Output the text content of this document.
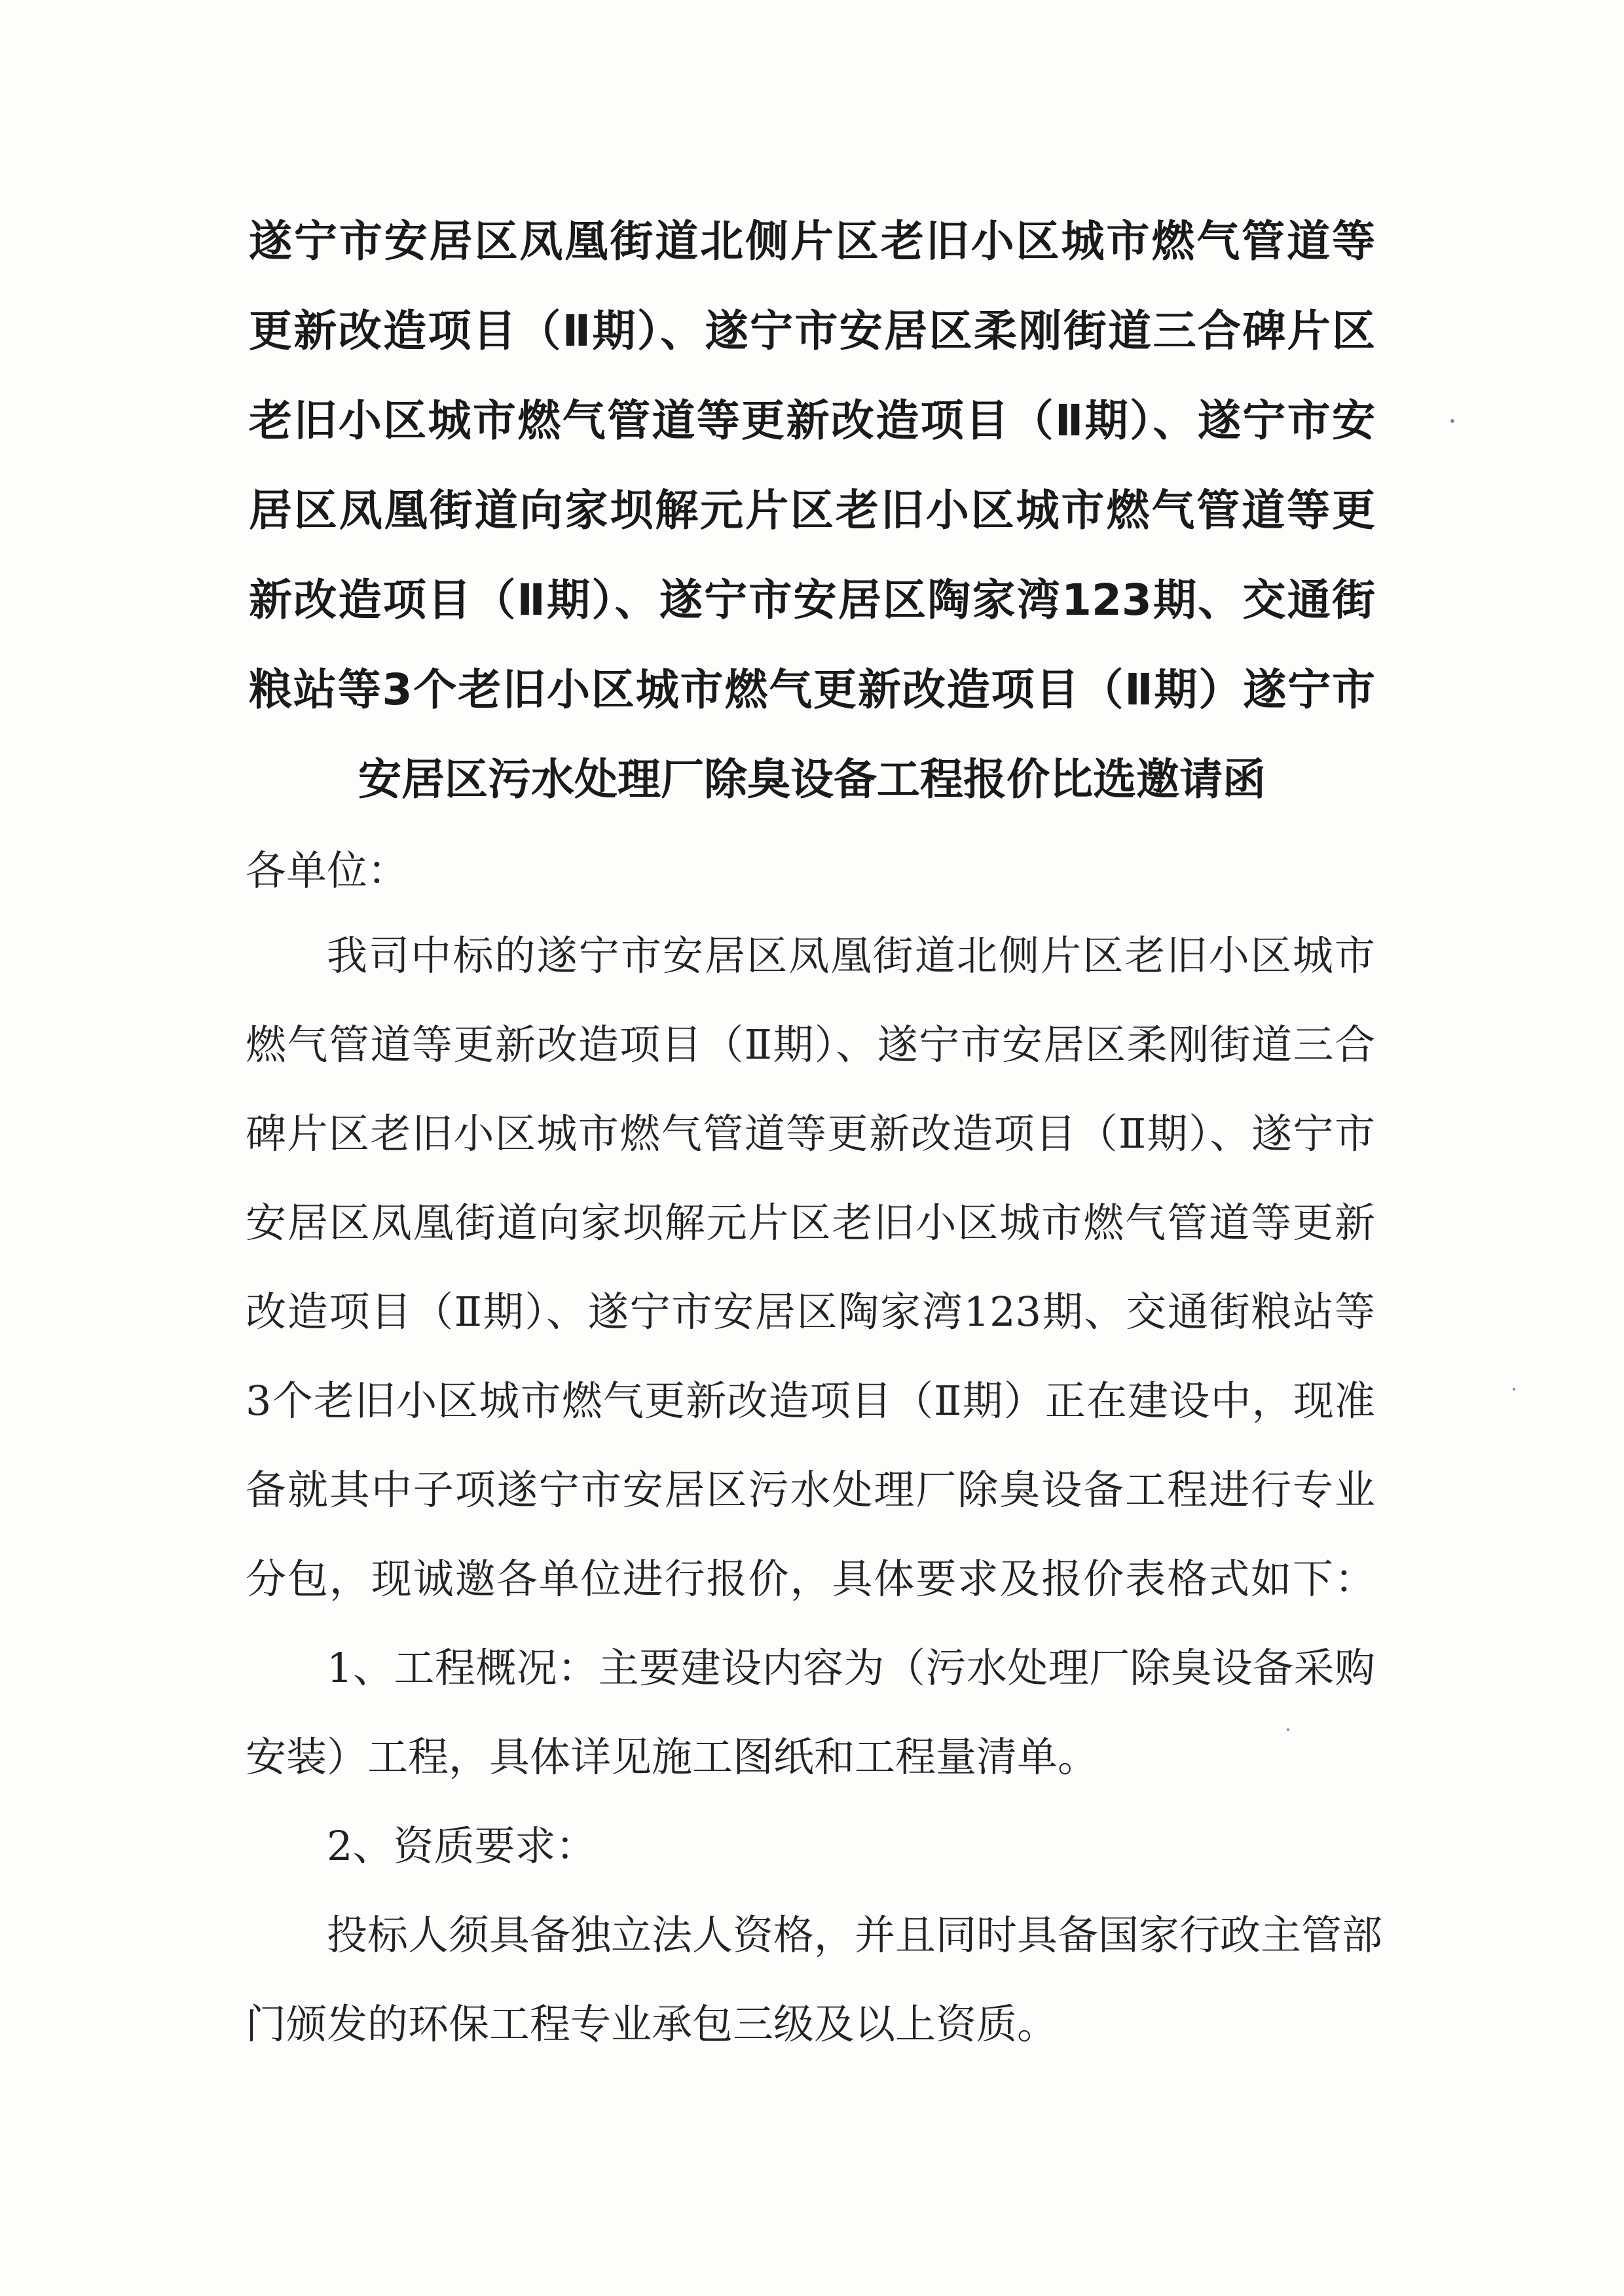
遂宁市安居区凤凰街道北侧片区老旧小区城市燃气管道等
更新改造项目（Ⅱ期）、遂宁市安居区柔刚街道三合碑片区
老旧小区城市燃气管道等更新改造项目（Ⅱ期）、遂宁市安
居区凤凰街道向家坝解元片区老旧小区城市燃气管道等更
新改造项目（Ⅱ期）、遂宁市安居区陶家湾123期、交通街
粮站等3个老旧小区城市燃气更新改造项目（Ⅱ期）遂宁市
安居区污水处理厂除臭设备工程报价比选邀请函
各单位：
我司中标的遂宁市安居区凤凰街道北侧片区老旧小区城市
燃气管道等更新改造项目（Ⅱ期）、遂宁市安居区柔刚街道三合
碑片区老旧小区城市燃气管道等更新改造项目（Ⅱ期）、遂宁市
安居区凤凰街道向家坝解元片区老旧小区城市燃气管道等更新
改造项目（Ⅱ期）、遂宁市安居区陶家湾123期、交通街粮站等
3个老旧小区城市燃气更新改造项目（Ⅱ期）正在建设中，现准
备就其中子项遂宁市安居区污水处理厂除臭设备工程进行专业
分包，现诚邀各单位进行报价，具体要求及报价表格式如下：
1、工程概况：主要建设内容为（污水处理厂除臭设备采购
安装）工程，具体详见施工图纸和工程量清单。
2、资质要求：
投标人须具备独立法人资格，并且同时具备国家行政主管部
门颁发的环保工程专业承包三级及以上资质。
